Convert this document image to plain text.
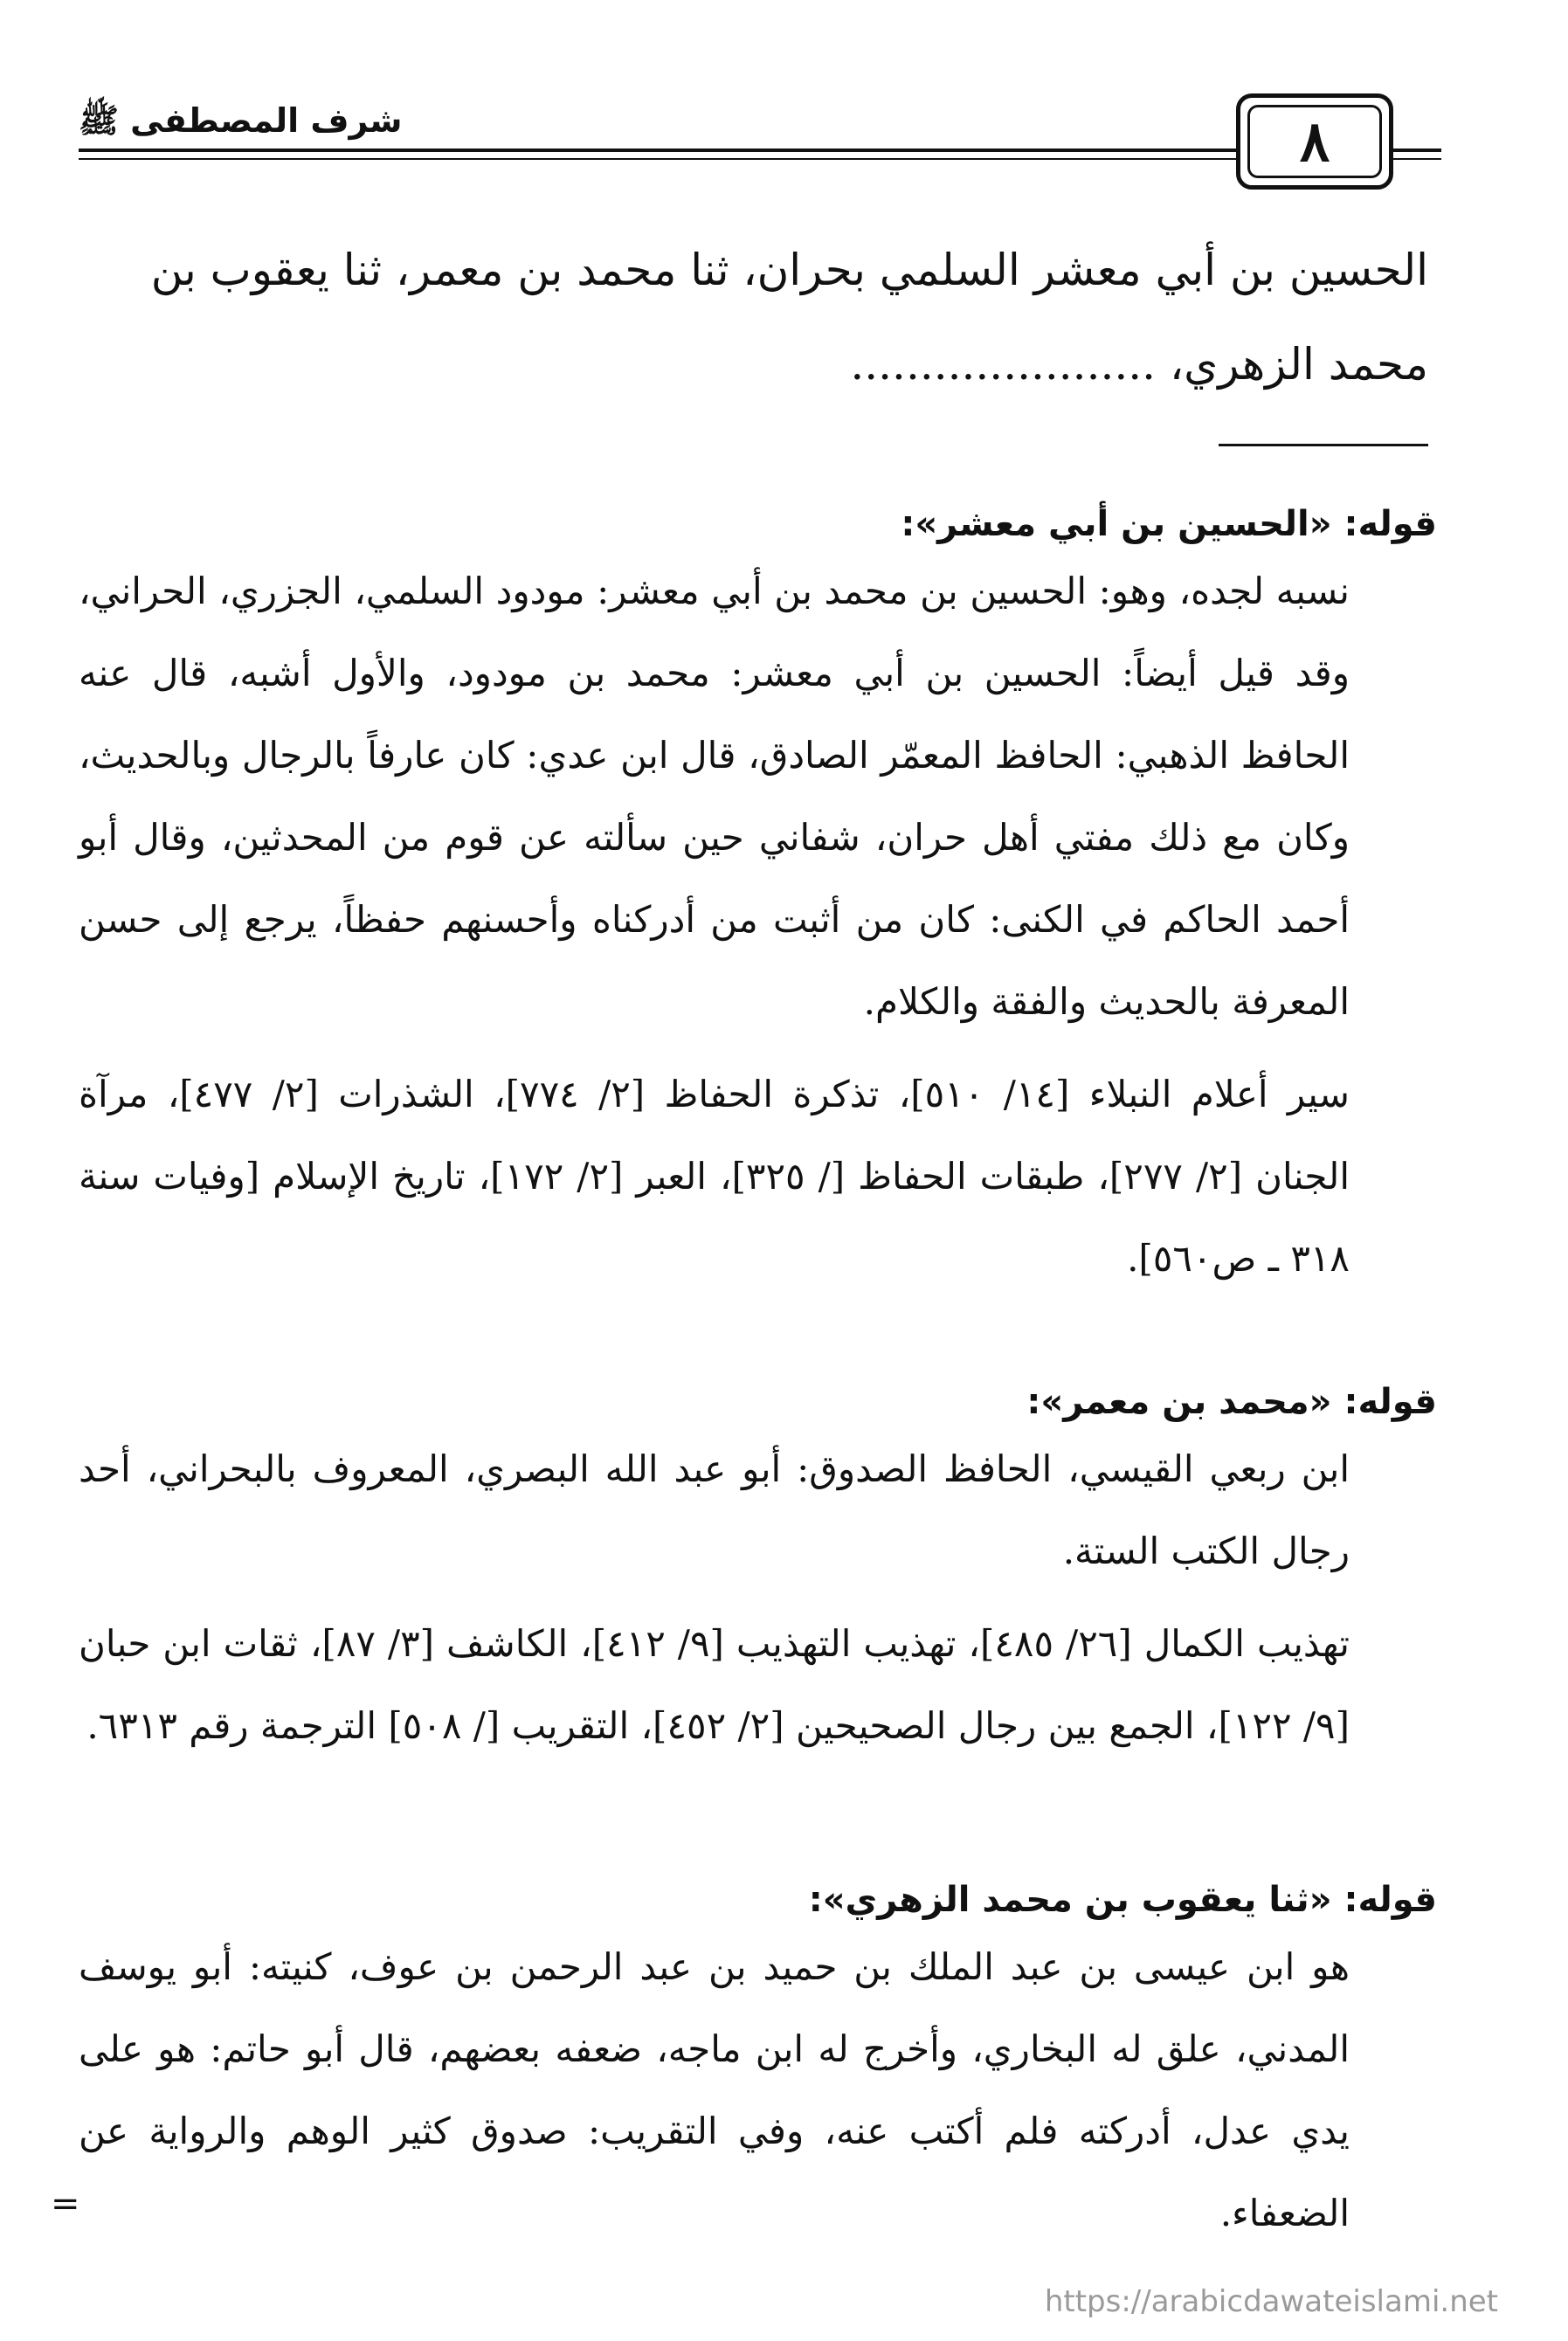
٨
شرف المصطفى ﷺ
الحسين بن أبي معشر السلمي بحران، ثنا محمد بن معمر، ثنا يعقوب بن
محمد الزهري، ......................
قوله: «الحسين بن أبي معشر»:
نسبه لجده، وهو: الحسين بن محمد بن أبي معشر: مودود السلمي، الجزري، الحراني، وقد قيل أيضاً: الحسين بن أبي معشر: محمد بن مودود، والأول أشبه، قال عنه الحافظ الذهبي: الحافظ المعمّر الصادق، قال ابن عدي: كان عارفاً بالرجال وبالحديث، وكان مع ذلك مفتي أهل حران، شفاني حين سألته عن قوم من المحدثين، وقال أبو أحمد الحاكم في الكنى: كان من أثبت من أدركناه وأحسنهم حفظاً، يرجع إلى حسن المعرفة بالحديث والفقة والكلام.
سير أعلام النبلاء [١٤/ ٥١٠]، تذكرة الحفاظ [٢/ ٧٧٤]، الشذرات [٢/ ٤٧٧]، مرآة الجنان [٢/ ٢٧٧]، طبقات الحفاظ [/ ٣٢٥]، العبر [٢/ ١٧٢]، تاريخ الإسلام [وفيات سنة ٣١٨ ـ ص٥٦٠].
قوله: «محمد بن معمر»:
ابن ربعي القيسي، الحافظ الصدوق: أبو عبد الله البصري، المعروف بالبحراني، أحد رجال الكتب الستة.
تهذيب الكمال [٢٦/ ٤٨٥]، تهذيب التهذيب [٩/ ٤١٢]، الكاشف [٣/ ٨٧]، ثقات ابن حبان [٩/ ١٢٢]، الجمع بين رجال الصحيحين [٢/ ٤٥٢]، التقريب [/ ٥٠٨] الترجمة رقم ٦٣١٣.
قوله: «ثنا يعقوب بن محمد الزهري»:
هو ابن عيسى بن عبد الملك بن حميد بن عبد الرحمن بن عوف، كنيته: أبو يوسف المدني، علق له البخاري، وأخرج له ابن ماجه، ضعفه بعضهم، قال أبو حاتم: هو على يدي عدل، أدركته فلم أكتب عنه، وفي التقريب: صدوق كثير الوهم والرواية عن الضعفاء.
=
https://arabicdawateislami.net
